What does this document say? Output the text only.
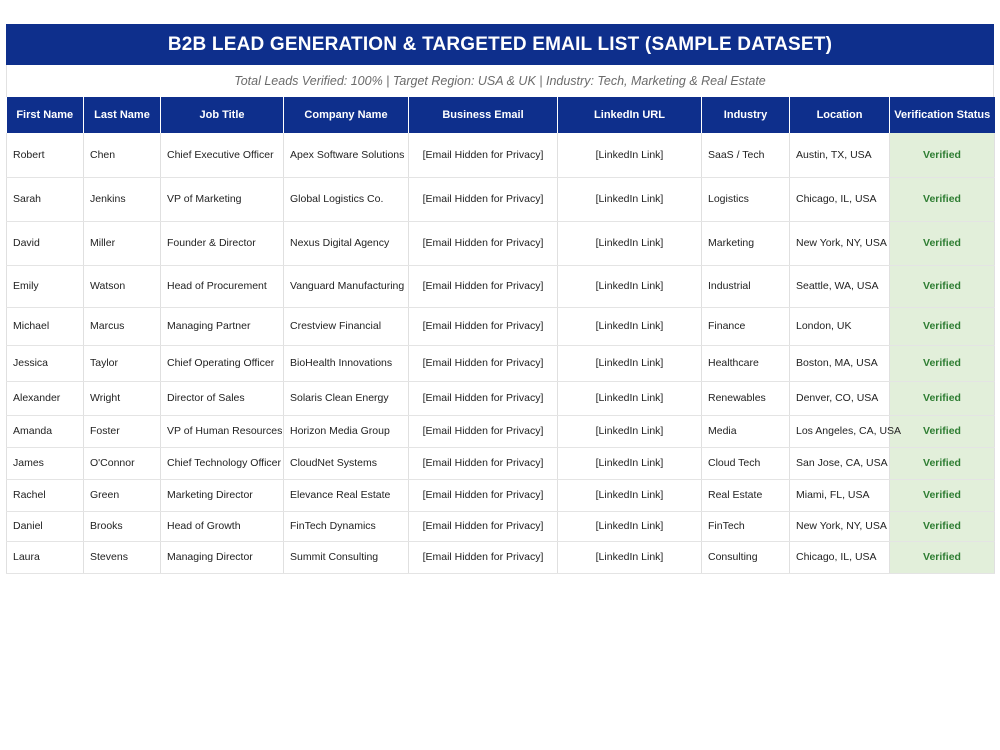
B2B LEAD GENERATION & TARGETED EMAIL LIST (SAMPLE DATASET)
Total Leads Verified: 100% | Target Region: USA & UK | Industry: Tech, Marketing & Real Estate
First Name	Last Name	Job Title	Company Name	Business Email	LinkedIn URL	Industry	Location	Verification Status
Robert	Chen	Chief Executive Officer	Apex Software Solutions	[Email Hidden for Privacy]	[LinkedIn Link]	SaaS / Tech	Austin, TX, USA	Verified
Sarah	Jenkins	VP of Marketing	Global Logistics Co.	[Email Hidden for Privacy]	[LinkedIn Link]	Logistics	Chicago, IL, USA	Verified
David	Miller	Founder & Director	Nexus Digital Agency	[Email Hidden for Privacy]	[LinkedIn Link]	Marketing	New York, NY, USA	Verified
Emily	Watson	Head of Procurement	Vanguard Manufacturing	[Email Hidden for Privacy]	[LinkedIn Link]	Industrial	Seattle, WA, USA	Verified
Michael	Marcus	Managing Partner	Crestview Financial	[Email Hidden for Privacy]	[LinkedIn Link]	Finance	London, UK	Verified
Jessica	Taylor	Chief Operating Officer	BioHealth Innovations	[Email Hidden for Privacy]	[LinkedIn Link]	Healthcare	Boston, MA, USA	Verified
Alexander	Wright	Director of Sales	Solaris Clean Energy	[Email Hidden for Privacy]	[LinkedIn Link]	Renewables	Denver, CO, USA	Verified
Amanda	Foster	VP of Human Resources	Horizon Media Group	[Email Hidden for Privacy]	[LinkedIn Link]	Media	Los Angeles, CA, USA	Verified
James	O'Connor	Chief Technology Officer	CloudNet Systems	[Email Hidden for Privacy]	[LinkedIn Link]	Cloud Tech	San Jose, CA, USA	Verified
Rachel	Green	Marketing Director	Elevance Real Estate	[Email Hidden for Privacy]	[LinkedIn Link]	Real Estate	Miami, FL, USA	Verified
Daniel	Brooks	Head of Growth	FinTech Dynamics	[Email Hidden for Privacy]	[LinkedIn Link]	FinTech	New York, NY, USA	Verified
Laura	Stevens	Managing Director	Summit Consulting	[Email Hidden for Privacy]	[LinkedIn Link]	Consulting	Chicago, IL, USA	Verified
